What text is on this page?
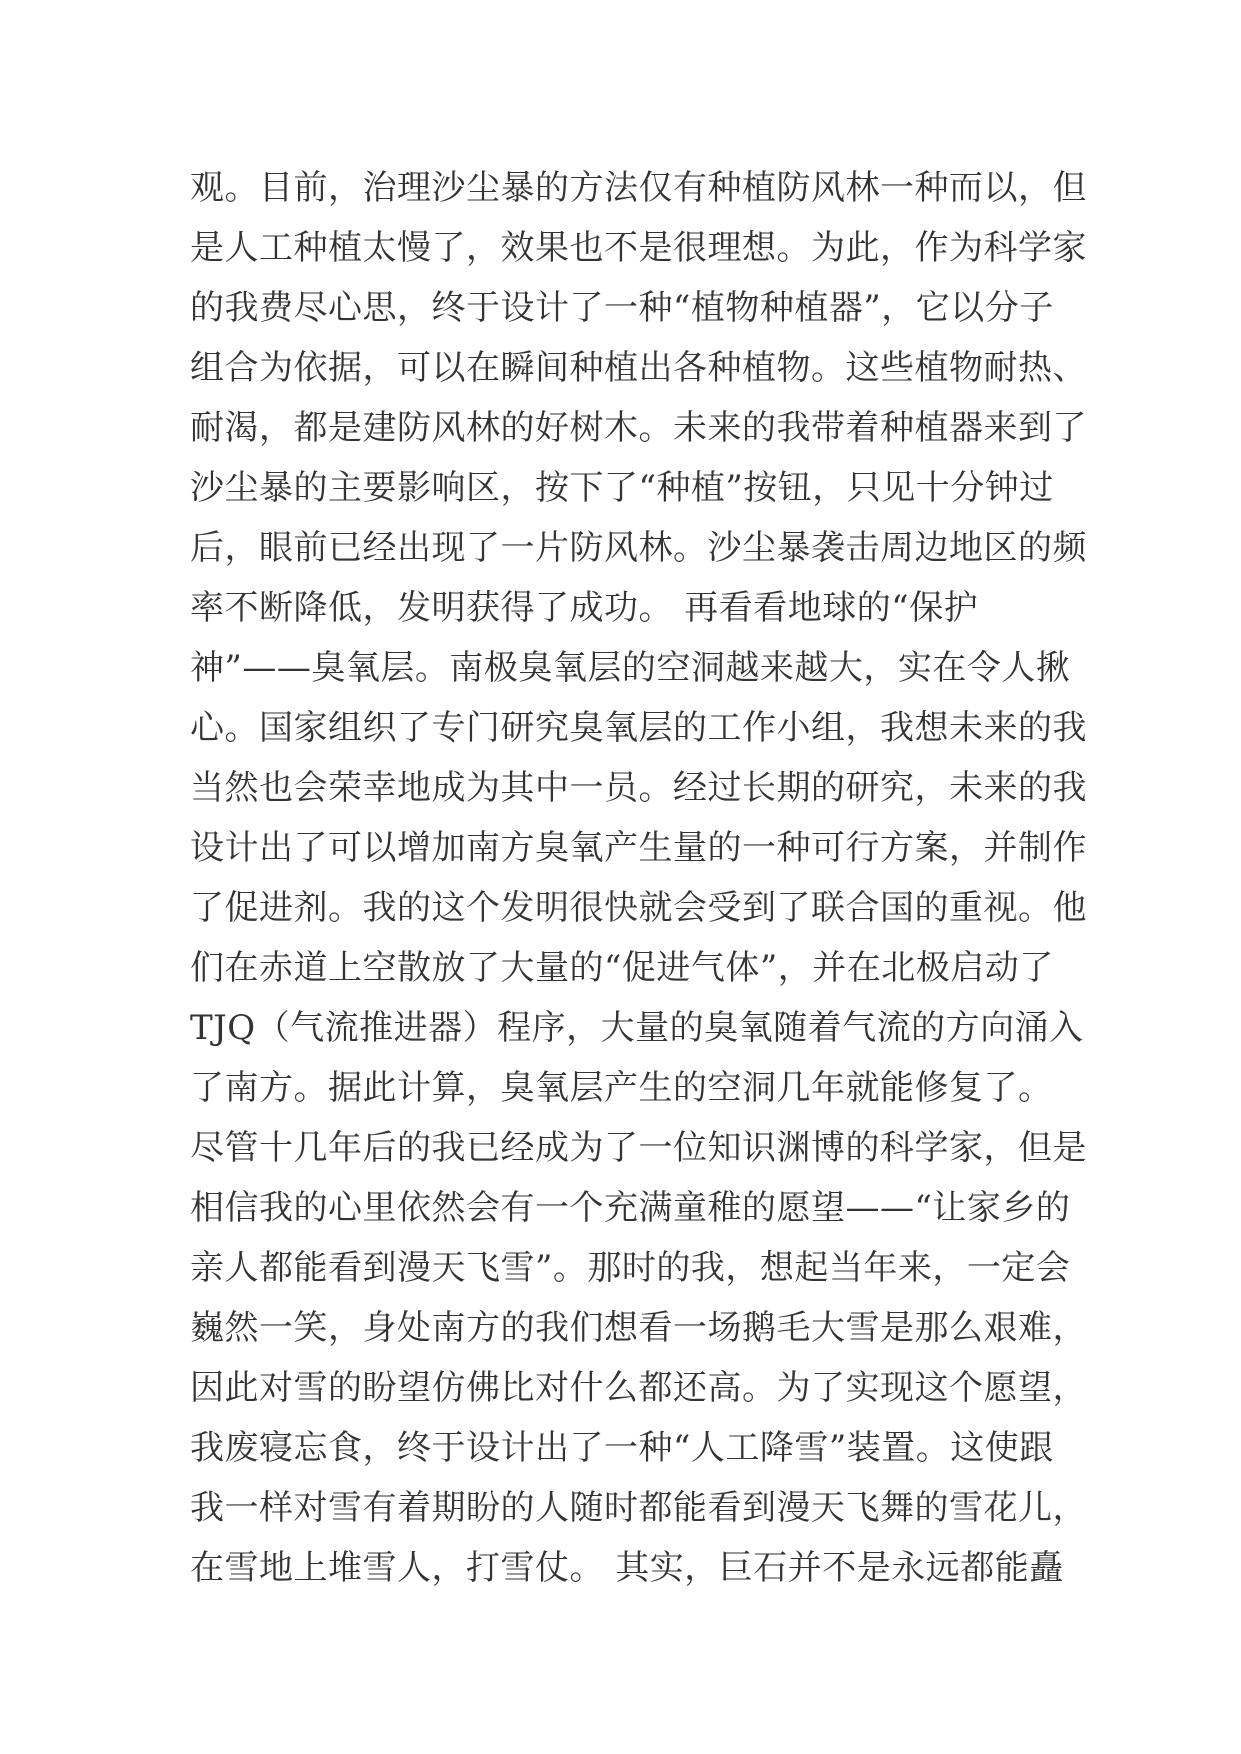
观。目前，治理沙尘暴的方法仅有种植防风林一种而以，但
是人工种植太慢了，效果也不是很理想。为此，作为科学家
的我费尽心思，终于设计了一种“植物种植器”，它以分子
组合为依据，可以在瞬间种植出各种植物。这些植物耐热、
耐渴，都是建防风林的好树木。未来的我带着种植器来到了
沙尘暴的主要影响区，按下了“种植”按钮，只见十分钟过
后，眼前已经出现了一片防风林。沙尘暴袭击周边地区的频
率不断降低，发明获得了成功。 再看看地球的“保护
神”——臭氧层。南极臭氧层的空洞越来越大，实在令人揪
心。国家组织了专门研究臭氧层的工作小组，我想未来的我
当然也会荣幸地成为其中一员。经过长期的研究，未来的我
设计出了可以增加南方臭氧产生量的一种可行方案，并制作
了促进剂。我的这个发明很快就会受到了联合国的重视。他
们在赤道上空散放了大量的“促进气体”，并在北极启动了
TJQ（气流推进器）程序，大量的臭氧随着气流的方向涌入
了南方。据此计算，臭氧层产生的空洞几年就能修复了。
尽管十几年后的我已经成为了一位知识渊博的科学家，但是
相信我的心里依然会有一个充满童稚的愿望——“让家乡的
亲人都能看到漫天飞雪”。那时的我，想起当年来，一定会
巍然一笑，身处南方的我们想看一场鹅毛大雪是那么艰难，
因此对雪的盼望仿佛比对什么都还高。为了实现这个愿望，
我废寝忘食，终于设计出了一种“人工降雪”装置。这使跟
我一样对雪有着期盼的人随时都能看到漫天飞舞的雪花儿，
在雪地上堆雪人，打雪仗。 其实，巨石并不是永远都能矗
